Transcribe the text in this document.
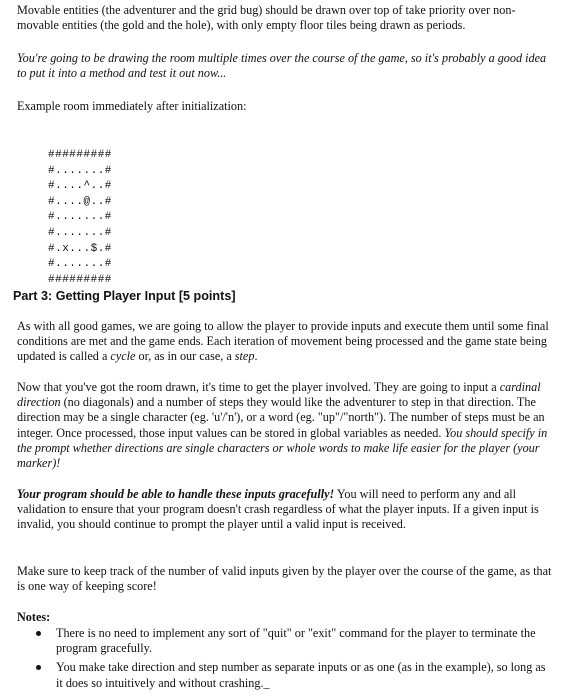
Movable entities (the adventurer and the grid bug) should be drawn over top of take priority over non-movable entities (the gold and the hole), with only empty floor tiles being drawn as periods.

You're going to be drawing the room multiple times over the course of the game, so it's probably a good idea to put it into a method and test it out now...

Example room immediately after initialization:

#########
#.......#
#....^..#
#....@..#
#.......#
#.......#
#.x...$.#
#.......#
#########
Part 3: Getting Player Input [5 points]

As with all good games, we are going to allow the player to provide inputs and execute them until some final conditions are met and the game ends. Each iteration of movement being processed and the game state being updated is called a cycle or, as in our case, a step.

Now that you've got the room drawn, it's time to get the player involved. They are going to input a cardinal direction (no diagonals) and a number of steps they would like the adventurer to step in that direction. The direction may be a single character (eg. 'u'/'n'), or a word (eg. "up"/"north"). The number of steps must be an integer. Once processed, those input values can be stored in global variables as needed. You should specify in the prompt whether directions are single characters or whole words to make life easier for the player (your marker)!

Your program should be able to handle these inputs gracefully! You will need to perform any and all validation to ensure that your program doesn't crash regardless of what the player inputs. If a given input is invalid, you should continue to prompt the player until a valid input is received.

Make sure to keep track of the number of valid inputs given by the player over the course of the game, as that is one way of keeping score!

Notes:
There is no need to implement any sort of "quit" or "exit" command for the player to terminate the program gracefully.
You make take direction and step number as separate inputs or as one (as in the example), so long as it does so intuitively and without crashing._
